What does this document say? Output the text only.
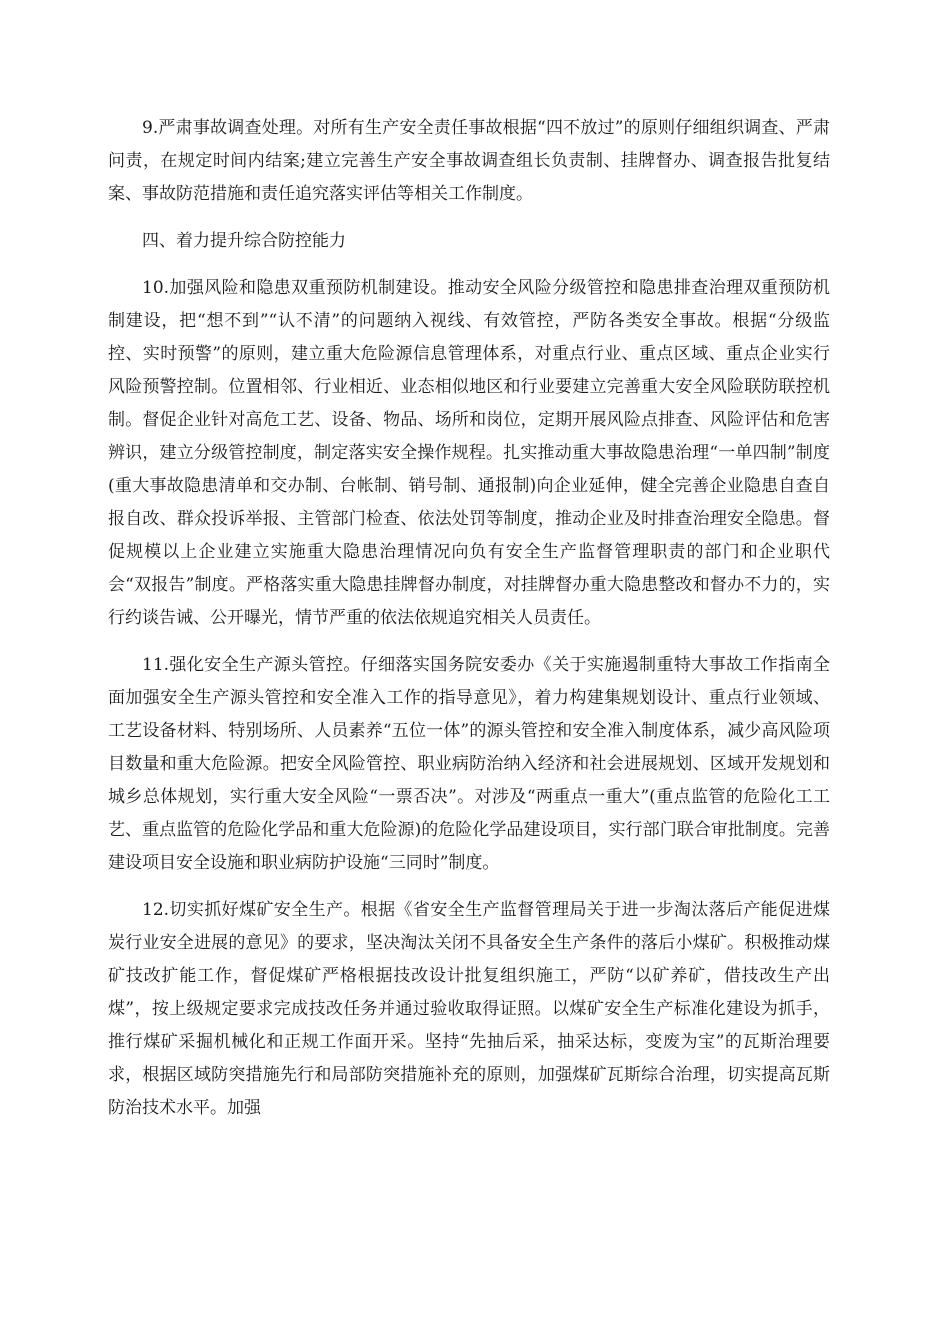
9.严肃事故调查处理。对所有生产安全责任事故根据“四不放过”的原则仔细组织调查、严肃问责，在规定时间内结案;建立完善生产安全事故调查组长负责制、挂牌督办、调查报告批复结案、事故防范措施和责任追究落实评估等相关工作制度。

四、着力提升综合防控能力

10.加强风险和隐患双重预防机制建设。推动安全风险分级管控和隐患排查治理双重预防机制建设，把“想不到”“认不清”的问题纳入视线、有效管控，严防各类安全事故。根据“分级监控、实时预警”的原则，建立重大危险源信息管理体系，对重点行业、重点区域、重点企业实行风险预警控制。位置相邻、行业相近、业态相似地区和行业要建立完善重大安全风险联防联控机制。督促企业针对高危工艺、设备、物品、场所和岗位，定期开展风险点排查、风险评估和危害辨识，建立分级管控制度，制定落实安全操作规程。扎实推动重大事故隐患治理“一单四制”制度(重大事故隐患清单和交办制、台帐制、销号制、通报制)向企业延伸，健全完善企业隐患自查自报自改、群众投诉举报、主管部门检查、依法处罚等制度，推动企业及时排查治理安全隐患。督促规模以上企业建立实施重大隐患治理情况向负有安全生产监督管理职责的部门和企业职代会“双报告”制度。严格落实重大隐患挂牌督办制度，对挂牌督办重大隐患整改和督办不力的，实行约谈告诫、公开曝光，情节严重的依法依规追究相关人员责任。

11.强化安全生产源头管控。仔细落实国务院安委办《关于实施遏制重特大事故工作指南全面加强安全生产源头管控和安全准入工作的指导意见》，着力构建集规划设计、重点行业领域、工艺设备材料、特别场所、人员素养“五位一体”的源头管控和安全准入制度体系，减少高风险项目数量和重大危险源。把安全风险管控、职业病防治纳入经济和社会进展规划、区域开发规划和城乡总体规划，实行重大安全风险“一票否决”。对涉及“两重点一重大”(重点监管的危险化工工艺、重点监管的危险化学品和重大危险源)的危险化学品建设项目，实行部门联合审批制度。完善建设项目安全设施和职业病防护设施“三同时”制度。

12.切实抓好煤矿安全生产。根据《省安全生产监督管理局关于进一步淘汰落后产能促进煤炭行业安全进展的意见》的要求，坚决淘汰关闭不具备安全生产条件的落后小煤矿。积极推动煤矿技改扩能工作，督促煤矿严格根据技改设计批复组织施工，严防“以矿养矿，借技改生产出煤”，按上级规定要求完成技改任务并通过验收取得证照。以煤矿安全生产标准化建设为抓手，推行煤矿采掘机械化和正规工作面开采。坚持“先抽后采，抽采达标，变废为宝”的瓦斯治理要求，根据区域防突措施先行和局部防突措施补充的原则，加强煤矿瓦斯综合治理，切实提高瓦斯防治技术水平。加强
